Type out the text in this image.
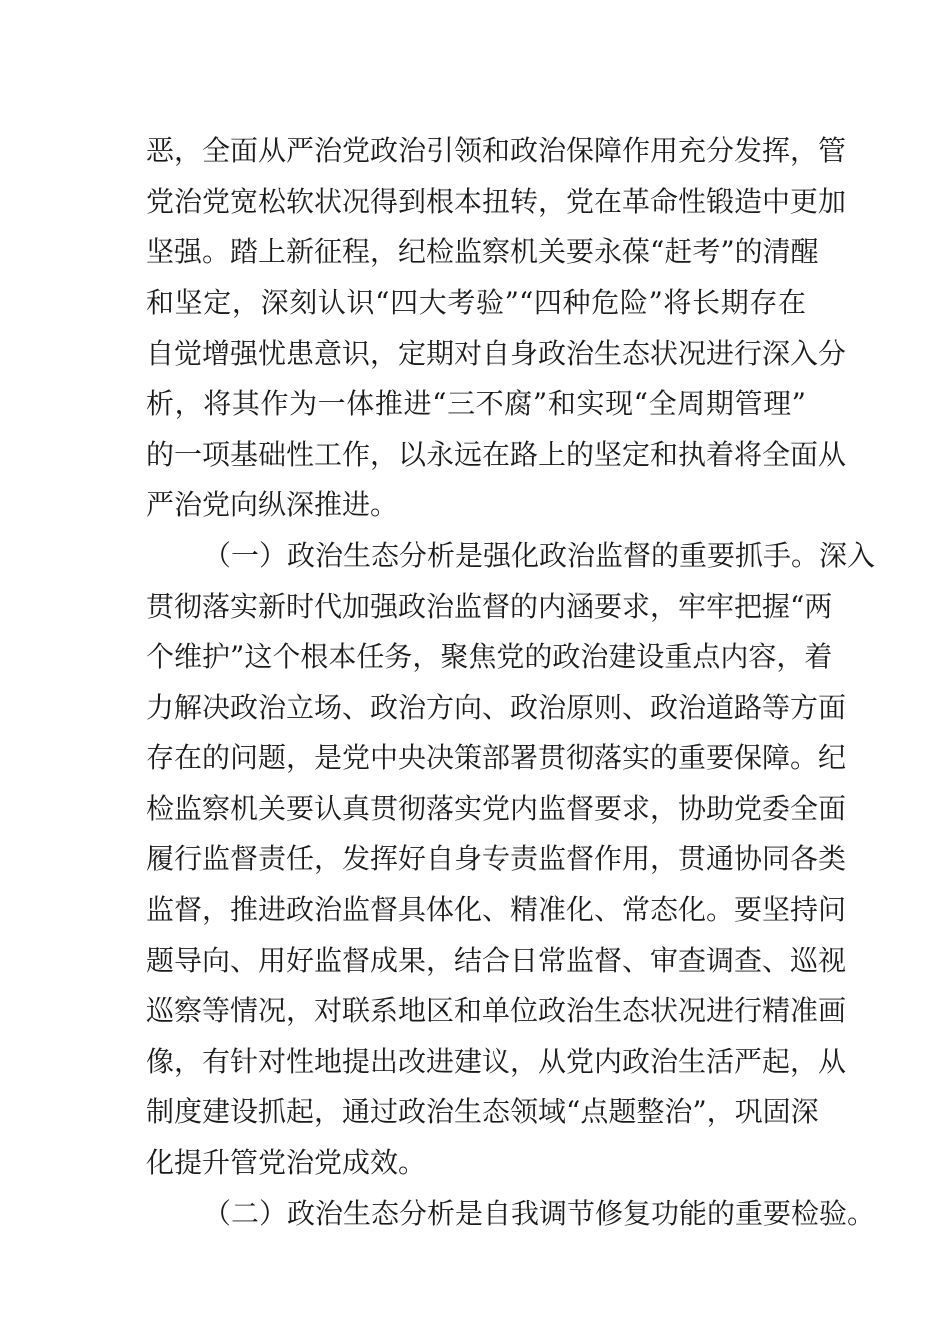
恶，全面从严治党政治引领和政治保障作用充分发挥，管
党治党宽松软状况得到根本扭转，党在革命性锻造中更加
坚强。踏上新征程，纪检监察机关要永葆“赶考”的清醒
和坚定，深刻认识“四大考验”“四种危险”将长期存在
自觉增强忧患意识，定期对自身政治生态状况进行深入分
析，将其作为一体推进“三不腐”和实现“全周期管理”
的一项基础性工作，以永远在路上的坚定和执着将全面从
严治党向纵深推进。
（一）政治生态分析是强化政治监督的重要抓手。深入
贯彻落实新时代加强政治监督的内涵要求，牢牢把握“两
个维护”这个根本任务，聚焦党的政治建设重点内容，着
力解决政治立场、政治方向、政治原则、政治道路等方面
存在的问题，是党中央决策部署贯彻落实的重要保障。纪
检监察机关要认真贯彻落实党内监督要求，协助党委全面
履行监督责任，发挥好自身专责监督作用，贯通协同各类
监督，推进政治监督具体化、精准化、常态化。要坚持问
题导向、用好监督成果，结合日常监督、审查调查、巡视
巡察等情况，对联系地区和单位政治生态状况进行精准画
像，有针对性地提出改进建议，从党内政治生活严起，从
制度建设抓起，通过政治生态领域“点题整治”，巩固深
化提升管党治党成效。
（二）政治生态分析是自我调节修复功能的重要检验。
